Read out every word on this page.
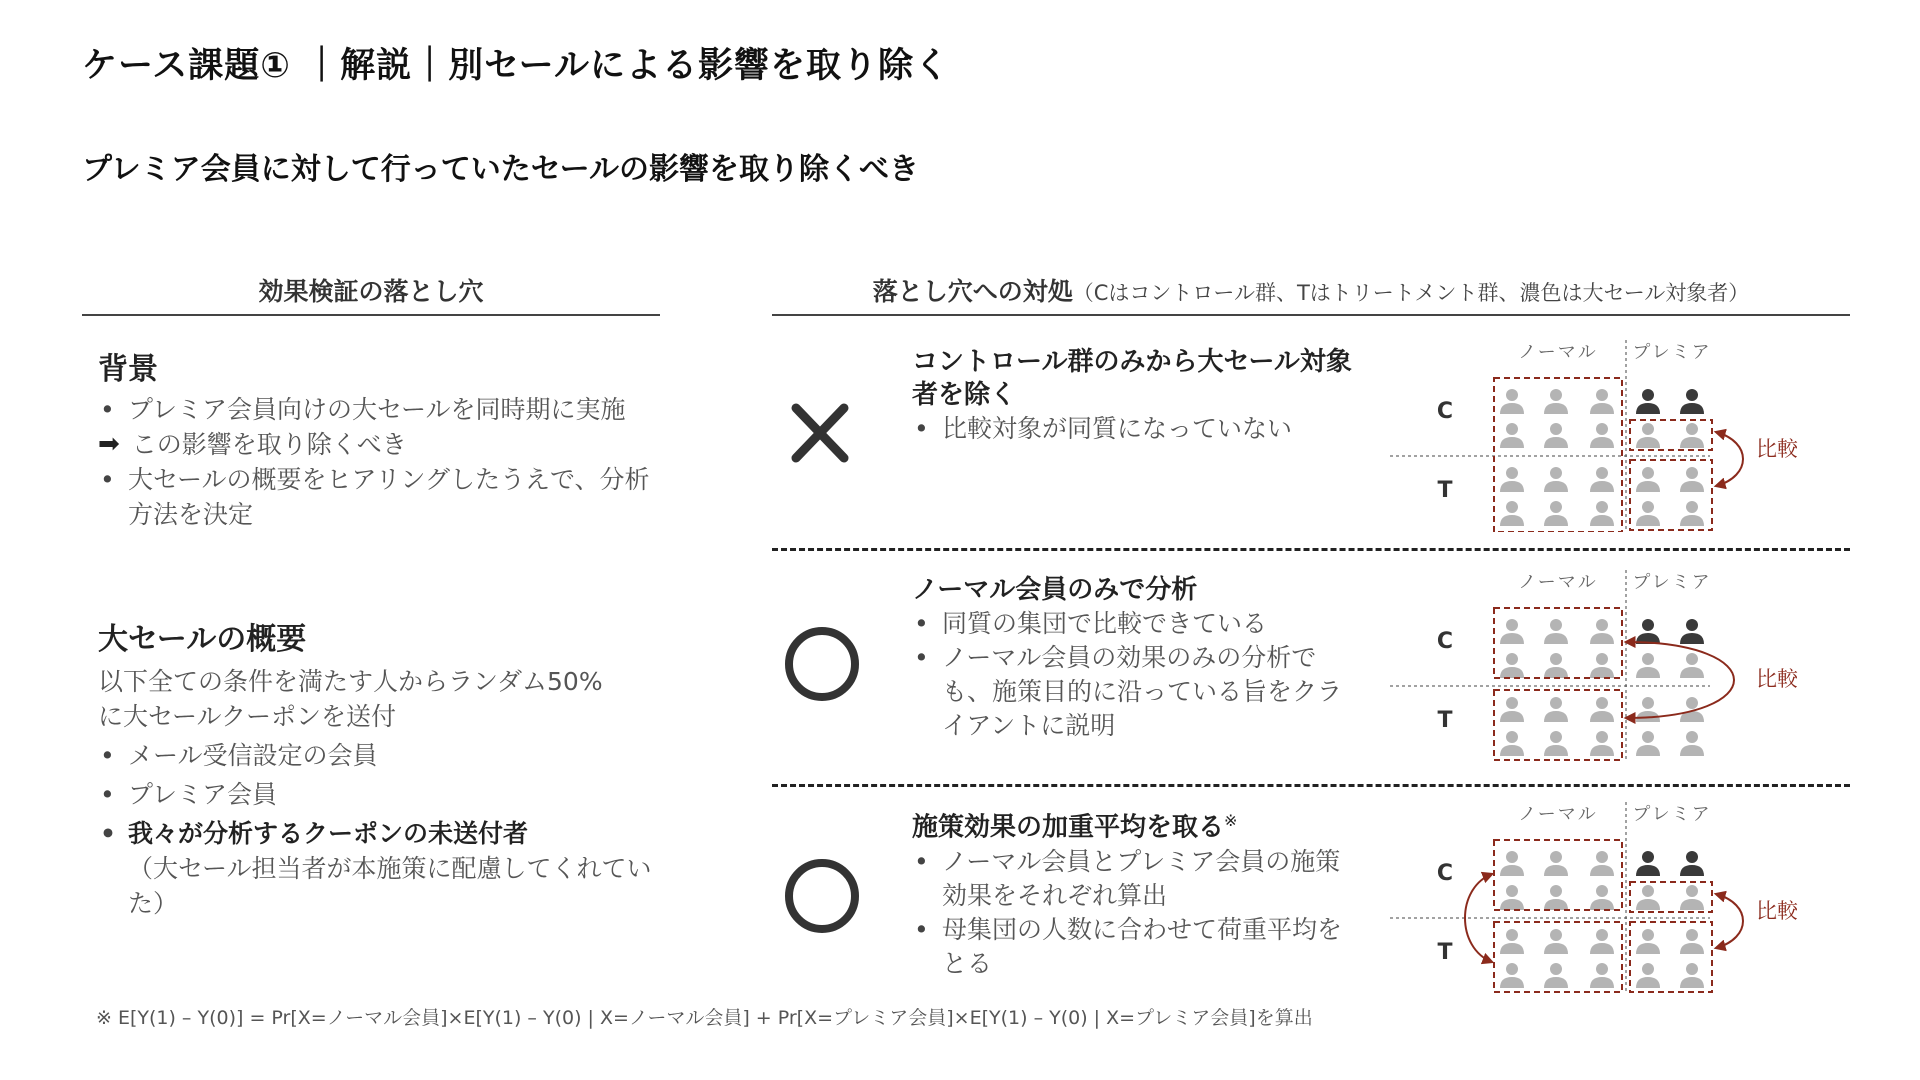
ケース課題① ｜解説｜別セールによる影響を取り除く
プレミア会員に対して行っていたセールの影響を取り除くべき
効果検証の落とし穴
背景
• プレミア会員向けの大セールを同時期に実施
➡ この影響を取り除くべき
• 大セールの概要をヒアリングしたうえで、分析方法を決定
大セールの概要
以下全ての条件を満たす人からランダム50%に大セールクーポンを送付
• メール受信設定の会員
• プレミア会員
• 我々が分析するクーポンの未送付者
（大セール担当者が本施策に配慮してくれていた）
落とし穴への対処（Cはコントロール群、Tはトリートメント群、濃色は大セール対象者）
コントロール群のみから大セール対象者を除く
• 比較対象が同質になっていない
ノーマル会員のみで分析
• 同質の集団で比較できている
• ノーマル会員の効果のみの分析でも、施策目的に沿っている旨をクライアントに説明
施策効果の加重平均を取る※
• ノーマル会員とプレミア会員の施策効果をそれぞれ算出
• 母集団の人数に合わせて荷重平均をとる
ノーマル プレミア
C
T
比較
ノーマル プレミア
C
T
比較
ノーマル プレミア
C
T
比較
※ E[Y(1) – Y(0)] = Pr[X=ノーマル会員]×E[Y(1) – Y(0) | X=ノーマル会員] + Pr[X=プレミア会員]×E[Y(1) – Y(0) | X=プレミア会員]を算出
